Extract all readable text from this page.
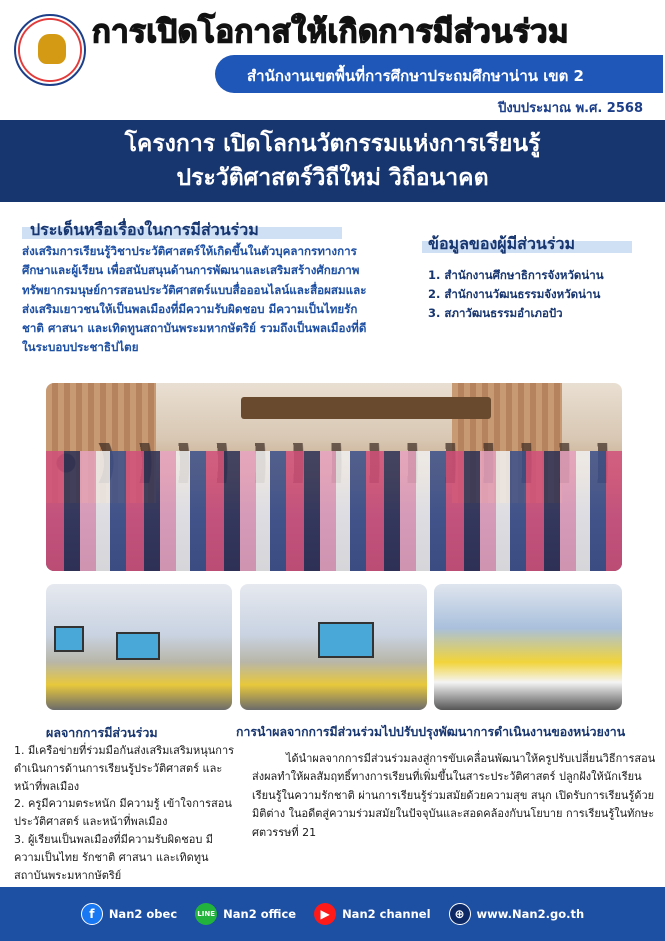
การเปิดโอกาสให้เกิดการมีส่วนร่วม
สำนักงานเขตพื้นที่การศึกษาประถมศึกษาน่าน เขต 2
ปีงบประมาณ พ.ศ. 2568
โครงการ เปิดโลกนวัตกรรมแห่งการเรียนรู้
ประวัติศาสตร์วิถีใหม่ วิถีอนาคต
ประเด็นหรือเรื่องในการมีส่วนร่วม
ส่งเสริมการเรียนรู้วิชาประวัติศาสตร์ให้เกิดขึ้นในตัวบุคลากรทางการศึกษาและผู้เรียน เพื่อสนับสนุนด้านการพัฒนาและเสริมสร้างศักยภาพทรัพยากรมนุษย์การสอนประวัติศาสตร์แบบสื่อออนไลน์และสื่อผสมและส่งเสริมเยาวชนให้เป็นพลเมืองที่มีความรับผิดชอบ มีความเป็นไทยรักชาติ ศาสนา และเทิดทูนสถาบันพระมหากษัตริย์ รวมถึงเป็นพลเมืองที่ดีในระบอบประชาธิปไตย
ข้อมูลของผู้มีส่วนร่วม
1. สำนักงานศึกษาธิการจังหวัดน่าน
2. สำนักงานวัฒนธรรมจังหวัดน่าน
3. สภาวัฒนธรรมอำเภอปัว
ผลจากการมีส่วนร่วม
1. มีเครือข่ายที่ร่วมมือกันส่งเสริมเสริมหนุนการดำเนินการด้านการเรียนรู้ประวัติศาสตร์ และหน้าที่พลเมือง
2. ครูมีความตระหนัก มีความรู้ เข้าใจการสอนประวัติศาสตร์ และหน้าที่พลเมือง
3. ผู้เรียนเป็นพลเมืองที่มีความรับผิดชอบ มีความเป็นไทย รักชาติ ศาสนา และเทิดทูนสถาบันพระมหากษัตริย์
การนำผลจากการมีส่วนร่วมไปปรับปรุงพัฒนาการดำเนินงานของหน่วยงาน
ได้นำผลจากการมีส่วนร่วมลงสู่การขับเคลื่อนพัฒนาให้ครูปรับเปลี่ยนวิธีการสอน ส่งผลทำให้ผลสัมฤทธิ์ทางการเรียนที่เพิ่มขึ้นในสาระประวัติศาสตร์ ปลูกฝังให้นักเรียนเรียนรู้ในความรักชาติ ผ่านการเรียนรู้ร่วมสมัยด้วยความสุข สนุก เปิดรับการเรียนรู้ด้วยมิติต่าง ในอดีตสู่ความร่วมสมัยในปัจจุบันและสอดคล้องกับนโยบาย การเรียนรู้ในทักษะศตวรรษที่ 21
f	Nan2 obec	LINE Nan2 office	▶	Nan2 channel	⊕	www.Nan2.go.th
